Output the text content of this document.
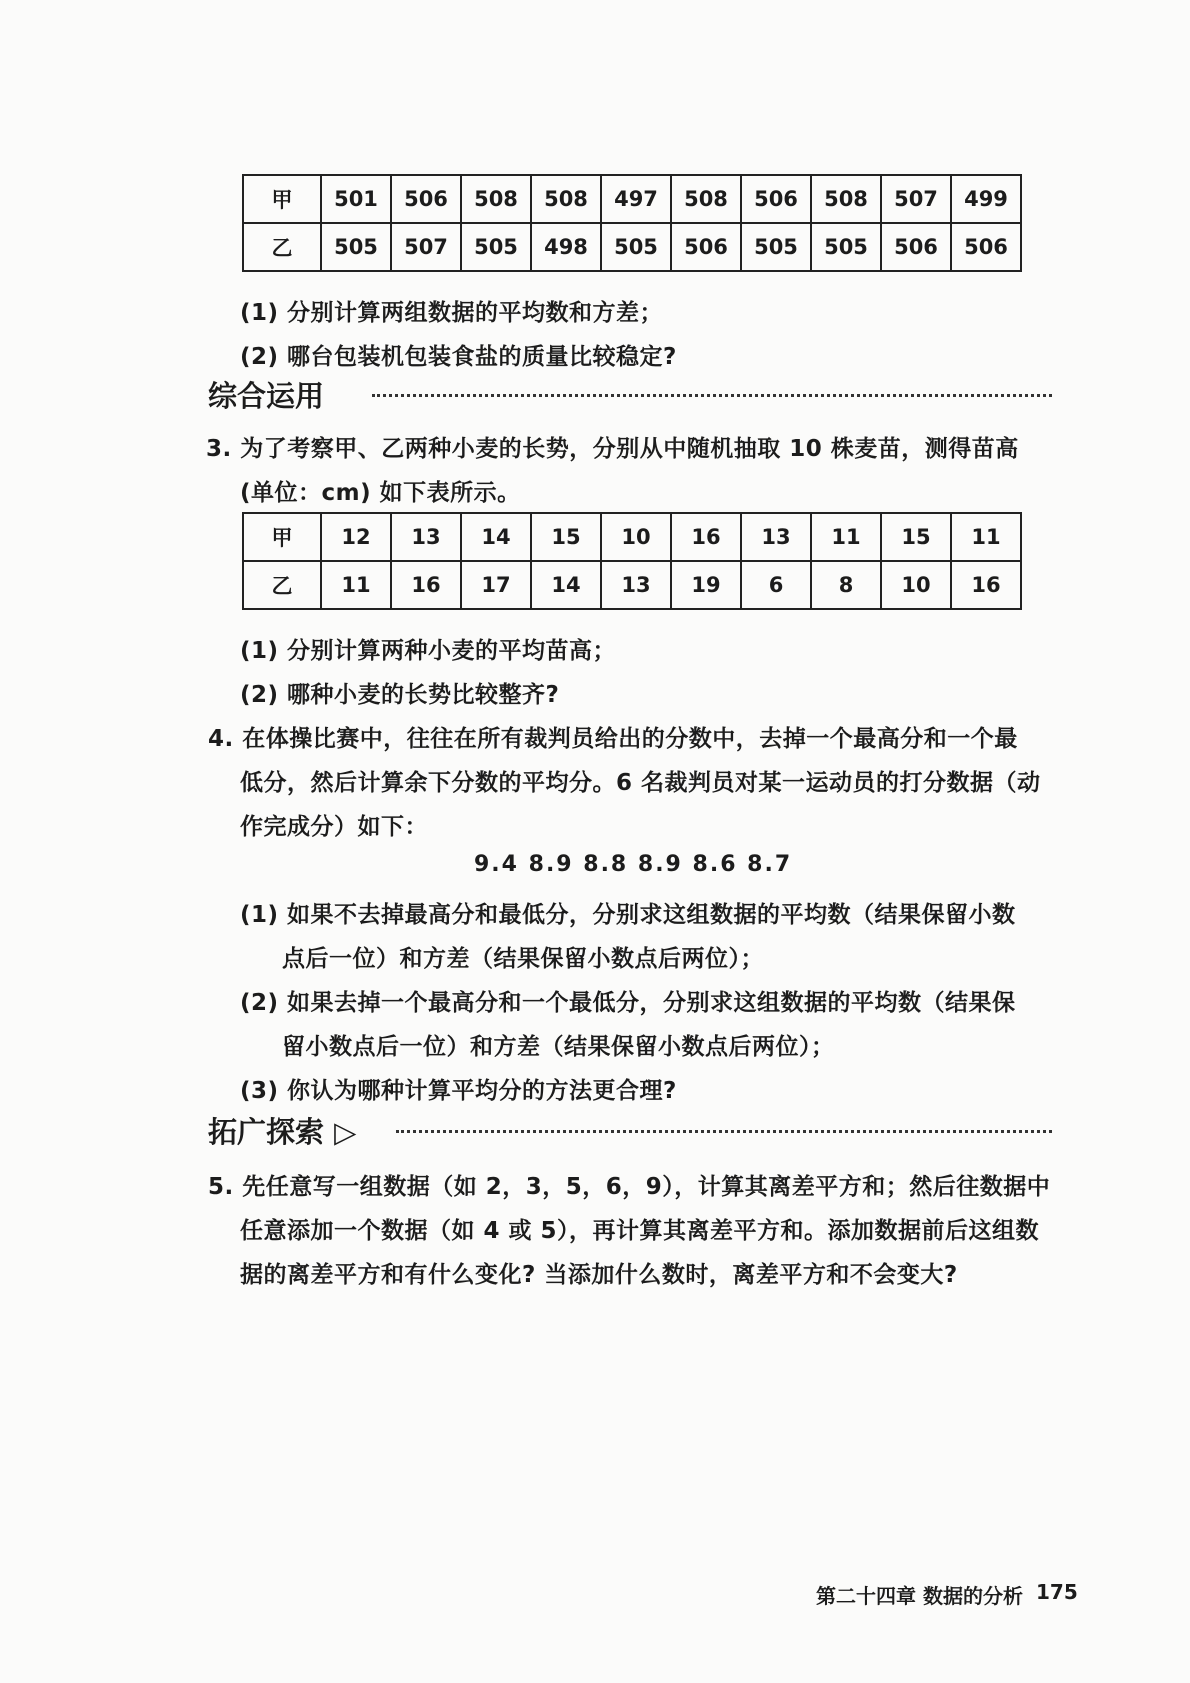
甲	501	506	508	508	497	508	506	508	507	499
乙	505	507	505	498	505	506	505	505	506	506
(1) 分别计算两组数据的平均数和方差；
(2) 哪台包装机包装食盐的质量比较稳定?
综合运用
3. 为了考察甲、乙两种小麦的长势，分别从中随机抽取 10 株麦苗，测得苗高
(单位：cm) 如下表所示。
甲	12	13	14	15	10	16	13	11	15	11
乙	11	16	17	14	13	19	6	8	10	16
(1) 分别计算两种小麦的平均苗高；
(2) 哪种小麦的长势比较整齐?
4. 在体操比赛中，往往在所有裁判员给出的分数中，去掉一个最高分和一个最
低分，然后计算余下分数的平均分。6 名裁判员对某一运动员的打分数据（动
作完成分）如下：
9.4 8.9 8.8 8.9 8.6 8.7
(1) 如果不去掉最高分和最低分，分别求这组数据的平均数（结果保留小数
点后一位）和方差（结果保留小数点后两位）；
(2) 如果去掉一个最高分和一个最低分，分别求这组数据的平均数（结果保
留小数点后一位）和方差（结果保留小数点后两位）；
(3) 你认为哪种计算平均分的方法更合理?
拓广探索 ▷
5. 先任意写一组数据（如 2，3，5，6，9），计算其离差平方和；然后往数据中
任意添加一个数据（如 4 或 5），再计算其离差平方和。添加数据前后这组数
据的离差平方和有什么变化? 当添加什么数时，离差平方和不会变大?
第二十四章 数据的分析 175
